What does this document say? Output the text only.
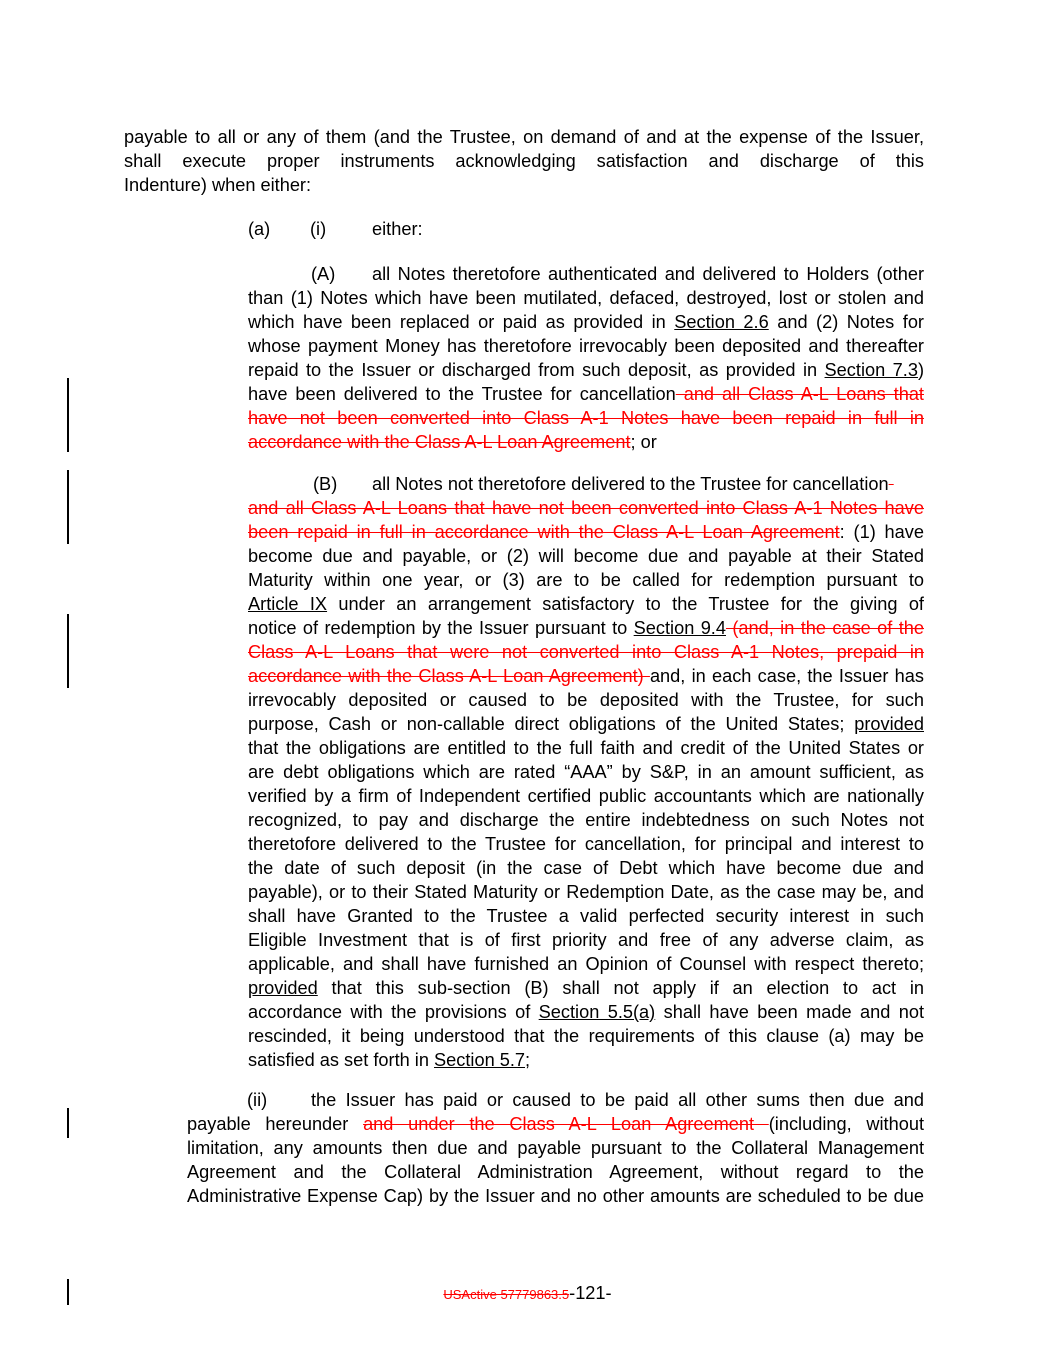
payable to all or any of them (and the Trustee, on demand of and at the expense of the Issuer,
shall execute proper instruments acknowledging satisfaction and discharge of this
Indenture) when either:
(a) (i)	either:
(A)	all Notes theretofore authenticated and delivered to Holders (other
than (1) Notes which have been mutilated, defaced, destroyed, lost or stolen and
which have been replaced or paid as provided in Section 2.6 and (2) Notes for
whose payment Money has theretofore irrevocably been deposited and thereafter
repaid to the Issuer or discharged from such deposit, as provided in Section 7.3)
have been delivered to the Trustee for cancellation and all Class A-L Loans that
have not been converted into Class A-1 Notes have been repaid in full in
accordance with the Class A-L Loan Agreement; or
(B)	all Notes not theretofore delivered to the Trustee for cancellation
and all Class A-L Loans that have not been converted into Class A-1 Notes have
been repaid in full in accordance with the Class A-L Loan Agreement: (1) have
become due and payable, or (2) will become due and payable at their Stated
Maturity within one year, or (3) are to be called for redemption pursuant to
Article IX under an arrangement satisfactory to the Trustee for the giving of
notice of redemption by the Issuer pursuant to Section 9.4 (and, in the case of the
Class A-L Loans that were not converted into Class A-1 Notes, prepaid in
accordance with the Class A-L Loan Agreement) and, in each case, the Issuer has
irrevocably deposited or caused to be deposited with the Trustee, for such
purpose, Cash or non-callable direct obligations of the United States; provided
that the obligations are entitled to the full faith and credit of the United States or
are debt obligations which are rated “AAA” by S&P, in an amount sufficient, as
verified by a firm of Independent certified public accountants which are nationally
recognized, to pay and discharge the entire indebtedness on such Notes not
theretofore delivered to the Trustee for cancellation, for principal and interest to
the date of such deposit (in the case of Debt which have become due and
payable), or to their Stated Maturity or Redemption Date, as the case may be, and
shall have Granted to the Trustee a valid perfected security interest in such
Eligible Investment that is of first priority and free of any adverse claim, as
applicable, and shall have furnished an Opinion of Counsel with respect thereto;
provided that this sub-section (B) shall not apply if an election to act in
accordance with the provisions of Section 5.5(a) shall have been made and not
rescinded, it being understood that the requirements of this clause (a) may be
satisfied as set forth in Section 5.7;
(ii)	the Issuer has paid or caused to be paid all other sums then due and
payable hereunder and under the Class A-L Loan Agreement (including, without
limitation, any amounts then due and payable pursuant to the Collateral Management
Agreement and the Collateral Administration Agreement, without regard to the
Administrative Expense Cap) by the Issuer and no other amounts are scheduled to be due
USActive 57779863.5-121-
